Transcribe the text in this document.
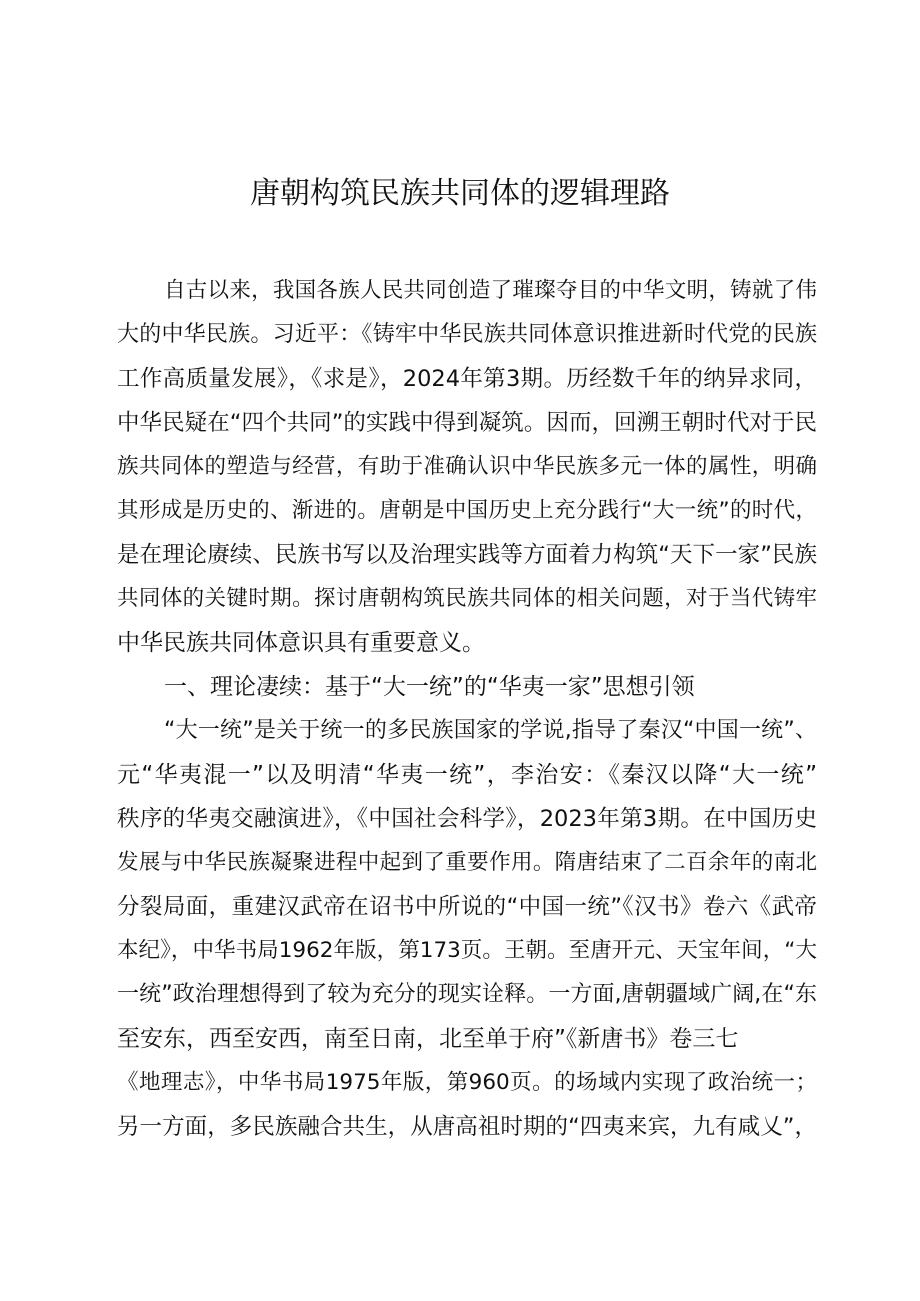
唐朝构筑民族共同体的逻辑理路

自古以来，我国各族人民共同创造了璀璨夺目的中华文明，铸就了伟

大的中华民族。习近平：《铸牢中华民族共同体意识推进新时代党的民族

工作高质量发展》，《求是》，2024年第3期。历经数千年的纳异求同，

中华民疑在“四个共同”的实践中得到凝筑。因而，回溯王朝时代对于民

族共同体的塑造与经营，有助于准确认识中华民族多元一体的属性，明确

其形成是历史的、渐进的。唐朝是中国历史上充分践行“大一统”的时代，

是在理论赓续、民族书写以及治理实践等方面着力构筑“天下一家”民族

共同体的关键时期。探讨唐朝构筑民族共同体的相关问题，对于当代铸牢

中华民族共同体意识具有重要意义。

一、理论凄续：基于“大一统”的“华夷一家”思想引领

“大一统”是关于统一的多民族国家的学说,指导了秦汉“中国一统”、

元“华夷混一”以及明清“华夷一统”，李治安：《秦汉以降“大一统”

秩序的华夷交融演进》，《中国社会科学》，2023年第3期。在中国历史

发展与中华民族凝聚进程中起到了重要作用。隋唐结束了二百余年的南北

分裂局面，重建汉武帝在诏书中所说的“中国一统”《汉书》卷六《武帝

本纪》，中华书局1962年版，第173页。王朝。至唐开元、天宝年间，“大

一统”政治理想得到了较为充分的现实诠释。一方面,唐朝疆域广阔,在“东

至安东，西至安西，南至日南，北至单于府”《新唐书》卷三七

《地理志》，中华书局1975年版，第960页。的场域内实现了政治统一；

另一方面，多民族融合共生，从唐高祖时期的“四夷来宾，九有咸乂”，
